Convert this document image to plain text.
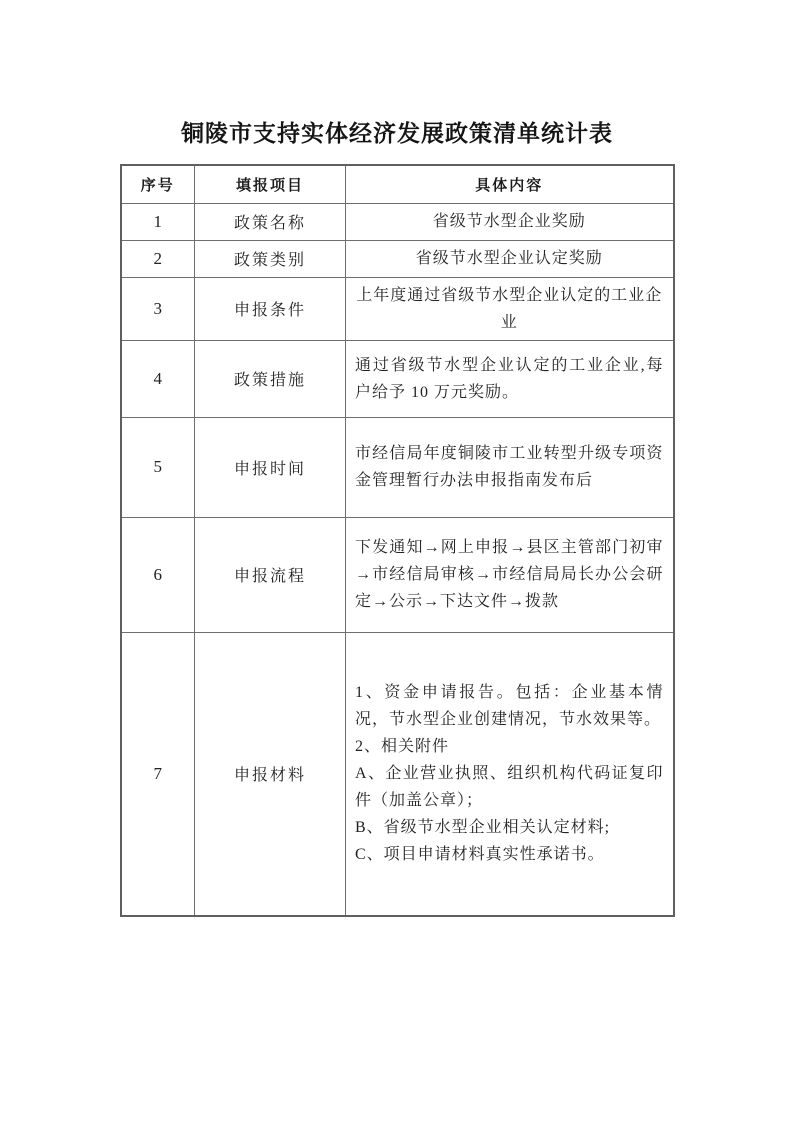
铜陵市支持实体经济发展政策清单统计表
序号	填报项目	具体内容
1	政策名称	省级节水型企业奖励

2	政策类别	省级节水型企业认定奖励

3	申报条件	上年度通过省级节水型企业认定的工业企业

4	政策措施	通过省级节水型企业认定的工业企业,每户给予 10 万元奖励。

5	申报时间	市经信局年度铜陵市工业转型升级专项资金管理暂行办法申报指南发布后

6	申报流程	下发通知→网上申报→县区主管部门初审→市经信局审核→市经信局局长办公会研定→公示→下达文件→拨款

7	申报材料	1、资金申请报告。包括：企业基本情况，节水型企业创建情况，节水效果等。
2、相关附件
A、企业营业执照、组织机构代码证复印件（加盖公章）；
B、省级节水型企业相关认定材料;
C、项目申请材料真实性承诺书。
